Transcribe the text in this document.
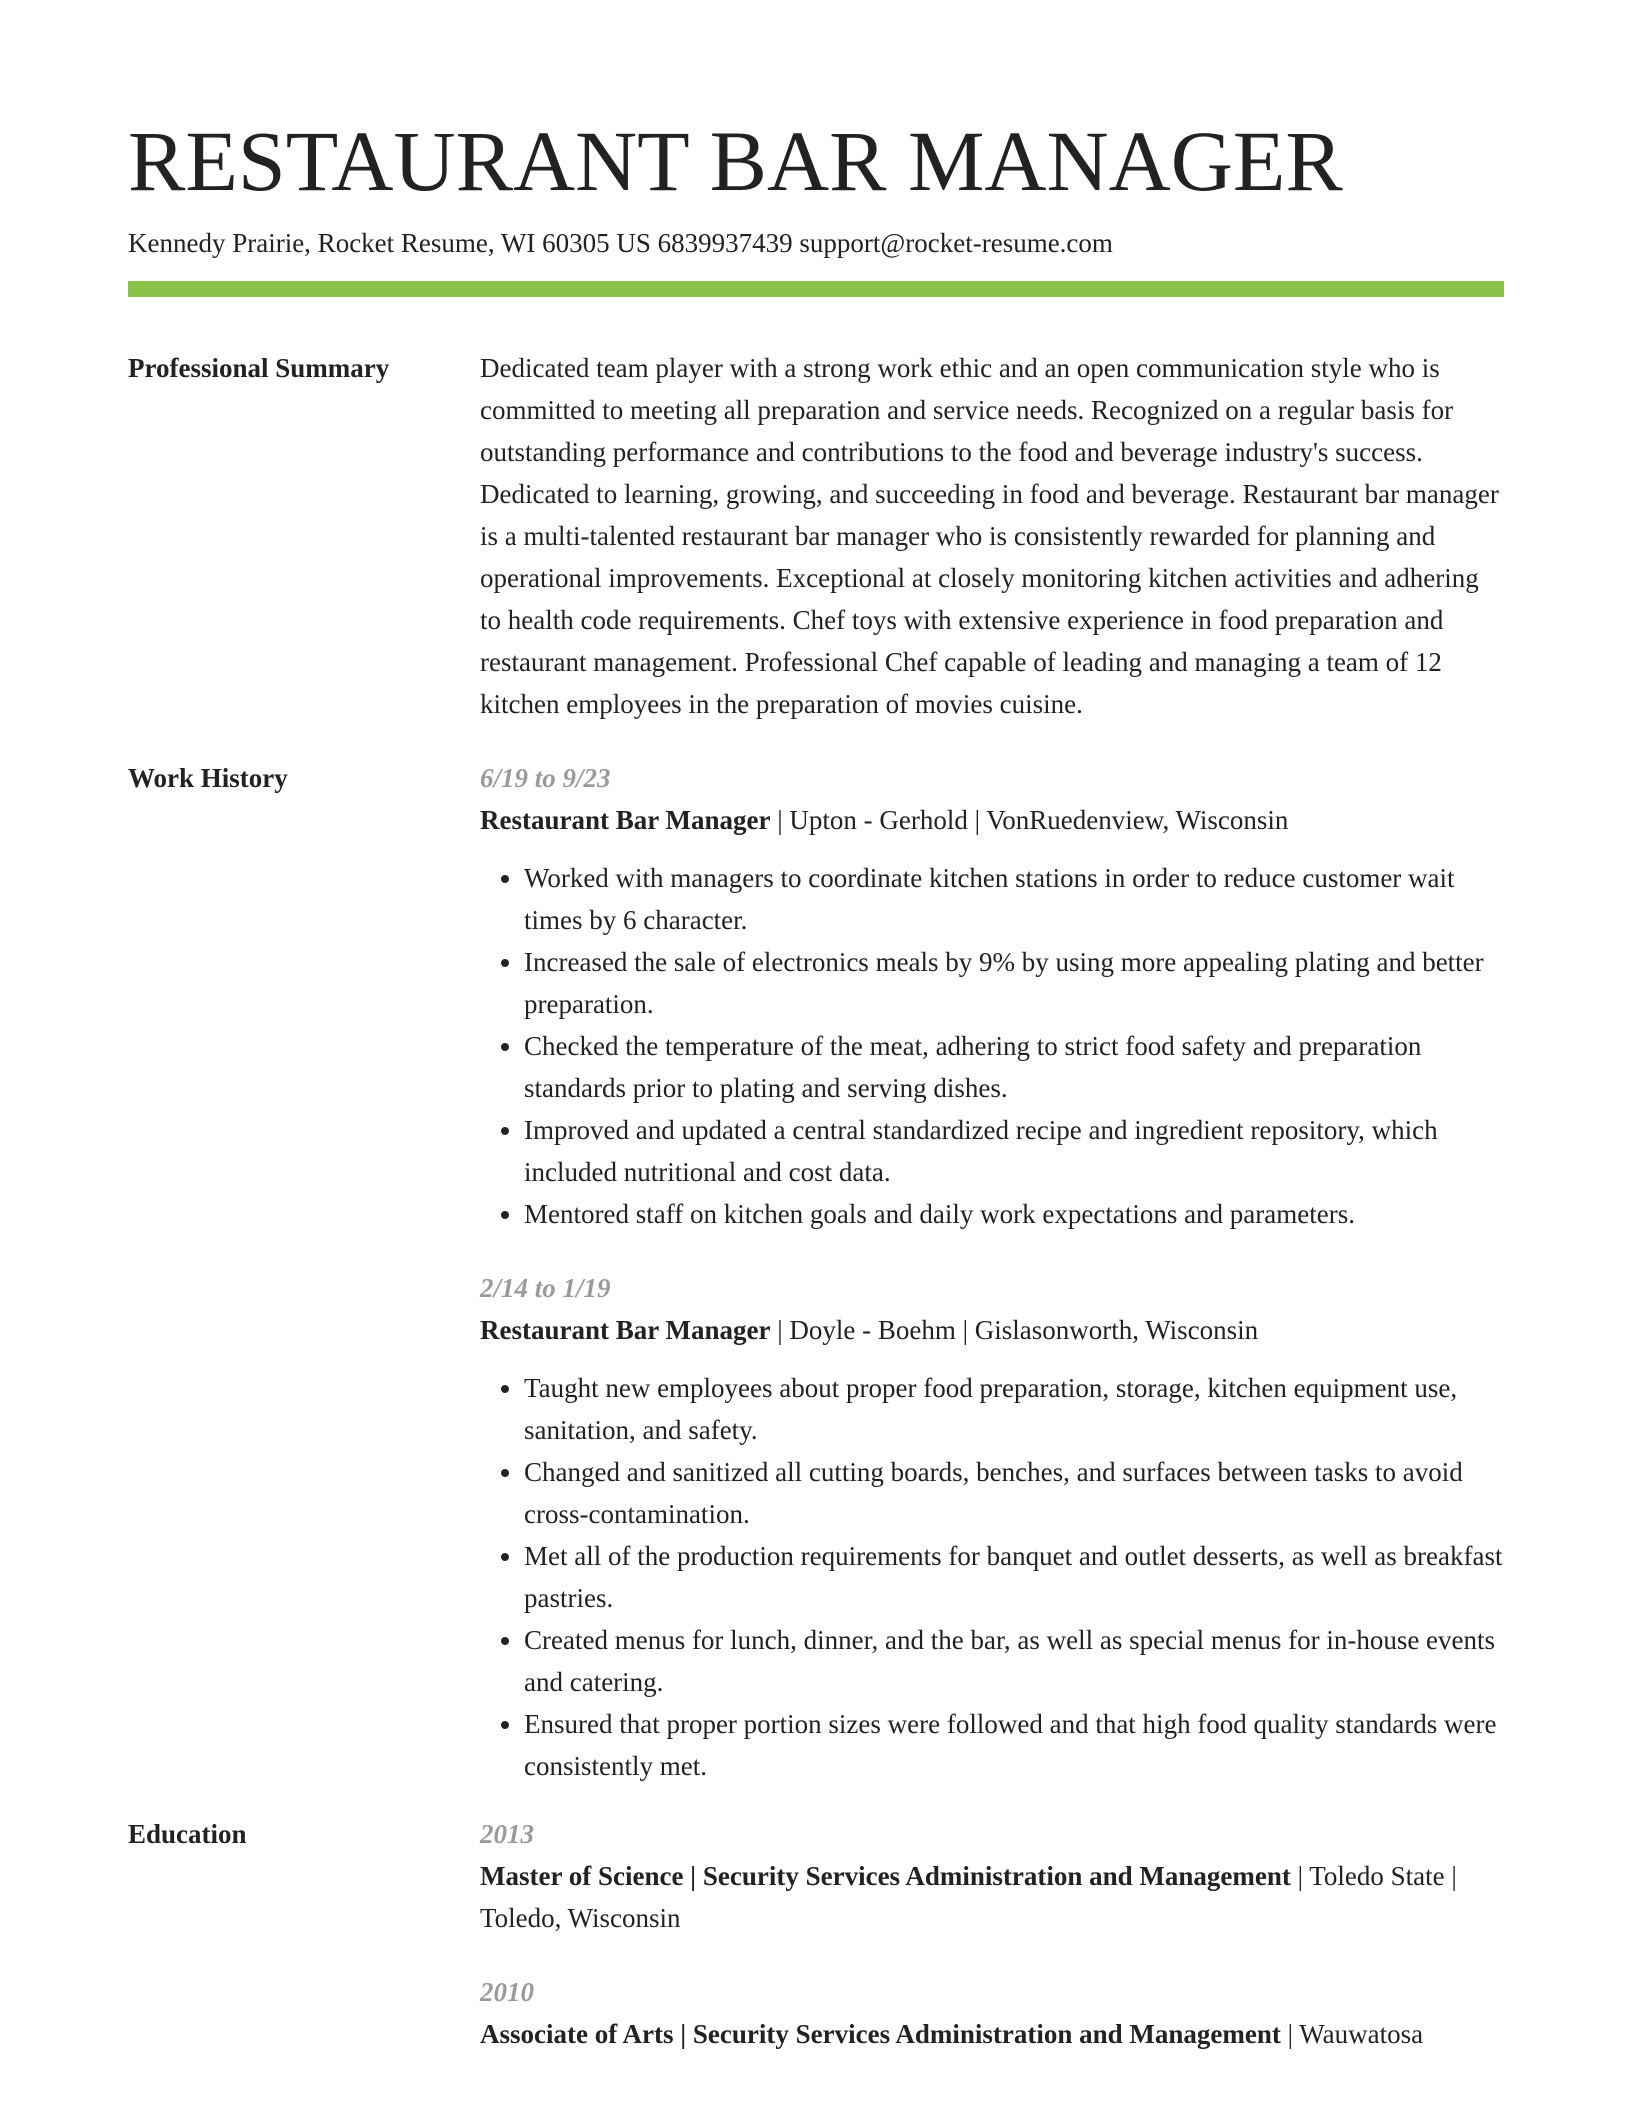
RESTAURANT BAR MANAGER
Kennedy Prairie, Rocket Resume, WI 60305 US 6839937439 support@rocket-resume.com
Professional Summary	Dedicated team player with a strong work ethic and an open communication style who is committed to meeting all preparation and service needs. Recognized on a regular basis for outstanding performance and contributions to the food and beverage industry's success. Dedicated to learning, growing, and succeeding in food and beverage. Restaurant bar manager is a multi-talented restaurant bar manager who is consistently rewarded for planning and operational improvements. Exceptional at closely monitoring kitchen activities and adhering to health code requirements. Chef toys with extensive experience in food preparation and restaurant management. Professional Chef capable of leading and managing a team of 12 kitchen employees in the preparation of movies cuisine.

Work History	6/19 to 9/23
Restaurant Bar Manager | Upton - Gerhold | VonRuedenview, Wisconsin
• Worked with managers to coordinate kitchen stations in order to reduce customer wait times by 6 character.
• Increased the sale of electronics meals by 9% by using more appealing plating and better preparation.
• Checked the temperature of the meat, adhering to strict food safety and preparation standards prior to plating and serving dishes.
• Improved and updated a central standardized recipe and ingredient repository, which included nutritional and cost data.
• Mentored staff on kitchen goals and daily work expectations and parameters.
2/14 to 1/19
Restaurant Bar Manager | Doyle - Boehm | Gislasonworth, Wisconsin
• Taught new employees about proper food preparation, storage, kitchen equipment use, sanitation, and safety.
• Changed and sanitized all cutting boards, benches, and surfaces between tasks to avoid cross-contamination.
• Met all of the production requirements for banquet and outlet desserts, as well as breakfast pastries.
• Created menus for lunch, dinner, and the bar, as well as special menus for in-house events and catering.
• Ensured that proper portion sizes were followed and that high food quality standards were consistently met.
Education	2013
Master of Science | Security Services Administration and Management | Toledo State | Toledo, Wisconsin
2010
Associate of Arts | Security Services Administration and Management | Wauwatosa
